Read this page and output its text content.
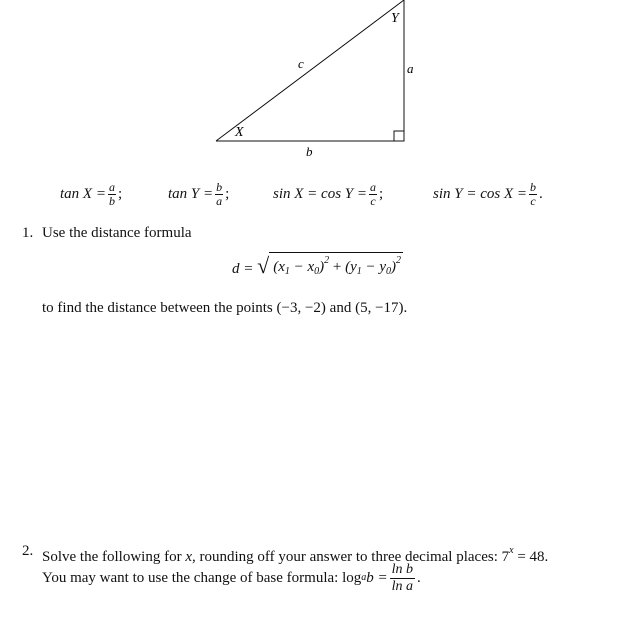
Y
a
c
X
b
$\tan X = \frac{a}{b}$ ;	$\tan Y = \frac{b}{a}$ ;	$\sin X = \cos Y = \frac{a}{c}$ ;	$\sin Y = \cos X = \frac{b}{c}$ .
1. Use the distance formula
d = √ $(x_1 - x_0)^2 + (y_1 - y_0)^2$
to find the distance between the points (−3, −2) and (5, −17).
2. Solve the following for x, rounding off your answer to three decimal places: $7^x = 48$.
You may want to use the change of base formula: log a $b = \frac{\text{ln b}}{\text{ln a}}$ .
